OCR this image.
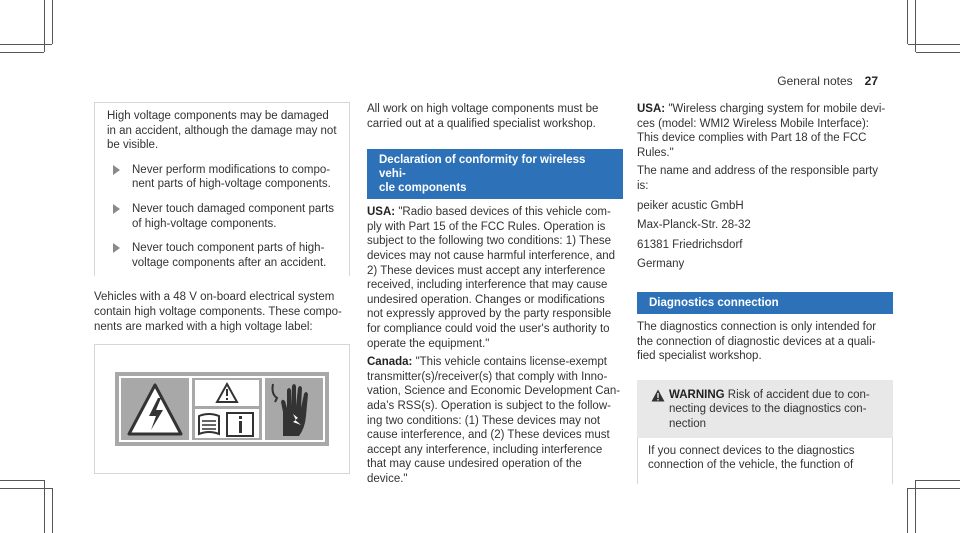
General notes 27

High voltage components may be damaged
in an accident, although the damage may not
be visible.

Never perform modifications to compo-
nent parts of high-voltage components.
Never touch damaged component parts
of high-voltage components.
Never touch component parts of high-
voltage components after an accident.

Vehicles with a 48 V on-board electrical system
contain high voltage components. These compo-
nents are marked with a high voltage label:

All work on high voltage components must be
carried out at a qualified specialist workshop.

Declaration of conformity for wireless vehi-
cle components

USA: "Radio based devices of this vehicle com-
ply with Part 15 of the FCC Rules. Operation is
subject to the following two conditions: 1) These
devices may not cause harmful interference, and
2) These devices must accept any interference
received, including interference that may cause
undesired operation. Changes or modifications
not expressly approved by the party responsible
for compliance could void the user's authority to
operate the equipment."

Canada: "This vehicle contains license-exempt
transmitter(s)/receiver(s) that comply with Inno-
vation, Science and Economic Development Can-
ada’s RSS(s). Operation is subject to the follow-
ing two conditions: (1) These devices may not
cause interference, and (2) These devices must
accept any interference, including interference
that may cause undesired operation of the
device."

USA: "Wireless charging system for mobile devi-
ces (model: WMI2 Wireless Mobile Interface):
This device complies with Part 18 of the FCC
Rules."

The name and address of the responsible party
is:

peiker acustic GmbH

Max-Planck-Str. 28-32

61381 Friedrichsdorf

Germany

Diagnostics connection

The diagnostics connection is only intended for
the connection of diagnostic devices at a quali-
fied specialist workshop.

WARNING Risk of accident due to con-
necting devices to the diagnostics con-
nection
If you connect devices to the diagnostics
connection of the vehicle, the function of
